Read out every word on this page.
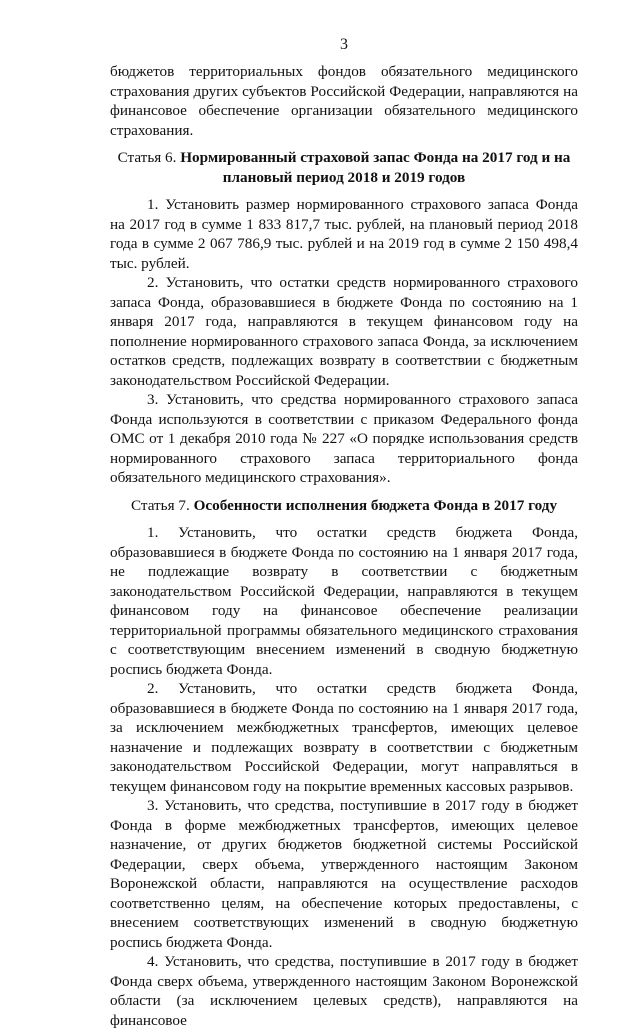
3

бюджетов территориальных фондов обязательного медицинского страхования других субъектов Российской Федерации, направляются на финансовое обеспечение организации обязательного медицинского страхования.

Статья 6. Нормированный страховой запас Фонда на 2017 год и на плановый период 2018 и 2019 годов

1. Установить размер нормированного страхового запаса Фонда на 2017 год в сумме 1 833 817,7 тыс. рублей, на плановый период 2018 года в сумме 2 067 786,9 тыс. рублей и на 2019 год в сумме 2 150 498,4 тыс. рублей.

2. Установить, что остатки средств нормированного страхового запаса Фонда, образовавшиеся в бюджете Фонда по состоянию на 1 января 2017 года, направляются в текущем финансовом году на пополнение нормированного страхового запаса Фонда, за исключением остатков средств, подлежащих возврату в соответствии с бюджетным законодательством Российской Федерации.

3. Установить, что средства нормированного страхового запаса Фонда используются в соответствии с приказом Федерального фонда ОМС от 1 декабря 2010 года № 227 «О порядке использования средств нормированного страхового запаса территориального фонда обязательного медицинского страхования».

Статья 7. Особенности исполнения бюджета Фонда в 2017 году

1. Установить, что остатки средств бюджета Фонда, образовавшиеся в бюджете Фонда по состоянию на 1 января 2017 года, не подлежащие возврату в соответствии с бюджетным законодательством Российской Федерации, направляются в текущем финансовом году на финансовое обеспечение реализации территориальной программы обязательного медицинского страхования с соответствующим внесением изменений в сводную бюджетную роспись бюджета Фонда.

2. Установить, что остатки средств бюджета Фонда, образовавшиеся в бюджете Фонда по состоянию на 1 января 2017 года, за исключением межбюджетных трансфертов, имеющих целевое назначение и подлежащих возврату в соответствии с бюджетным законодательством Российской Федерации, могут направляться в текущем финансовом году на покрытие временных кассовых разрывов.

3. Установить, что средства, поступившие в 2017 году в бюджет Фонда в форме межбюджетных трансфертов, имеющих целевое назначение, от других бюджетов бюджетной системы Российской Федерации, сверх объема, утвержденного настоящим Законом Воронежской области, направляются на осуществление расходов соответственно целям, на обеспечение которых предоставлены, с внесением соответствующих изменений в сводную бюджетную роспись бюджета Фонда.

4. Установить, что средства, поступившие в 2017 году в бюджет Фонда сверх объема, утвержденного настоящим Законом Воронежской области (за исключением целевых средств), направляются на финансовое
